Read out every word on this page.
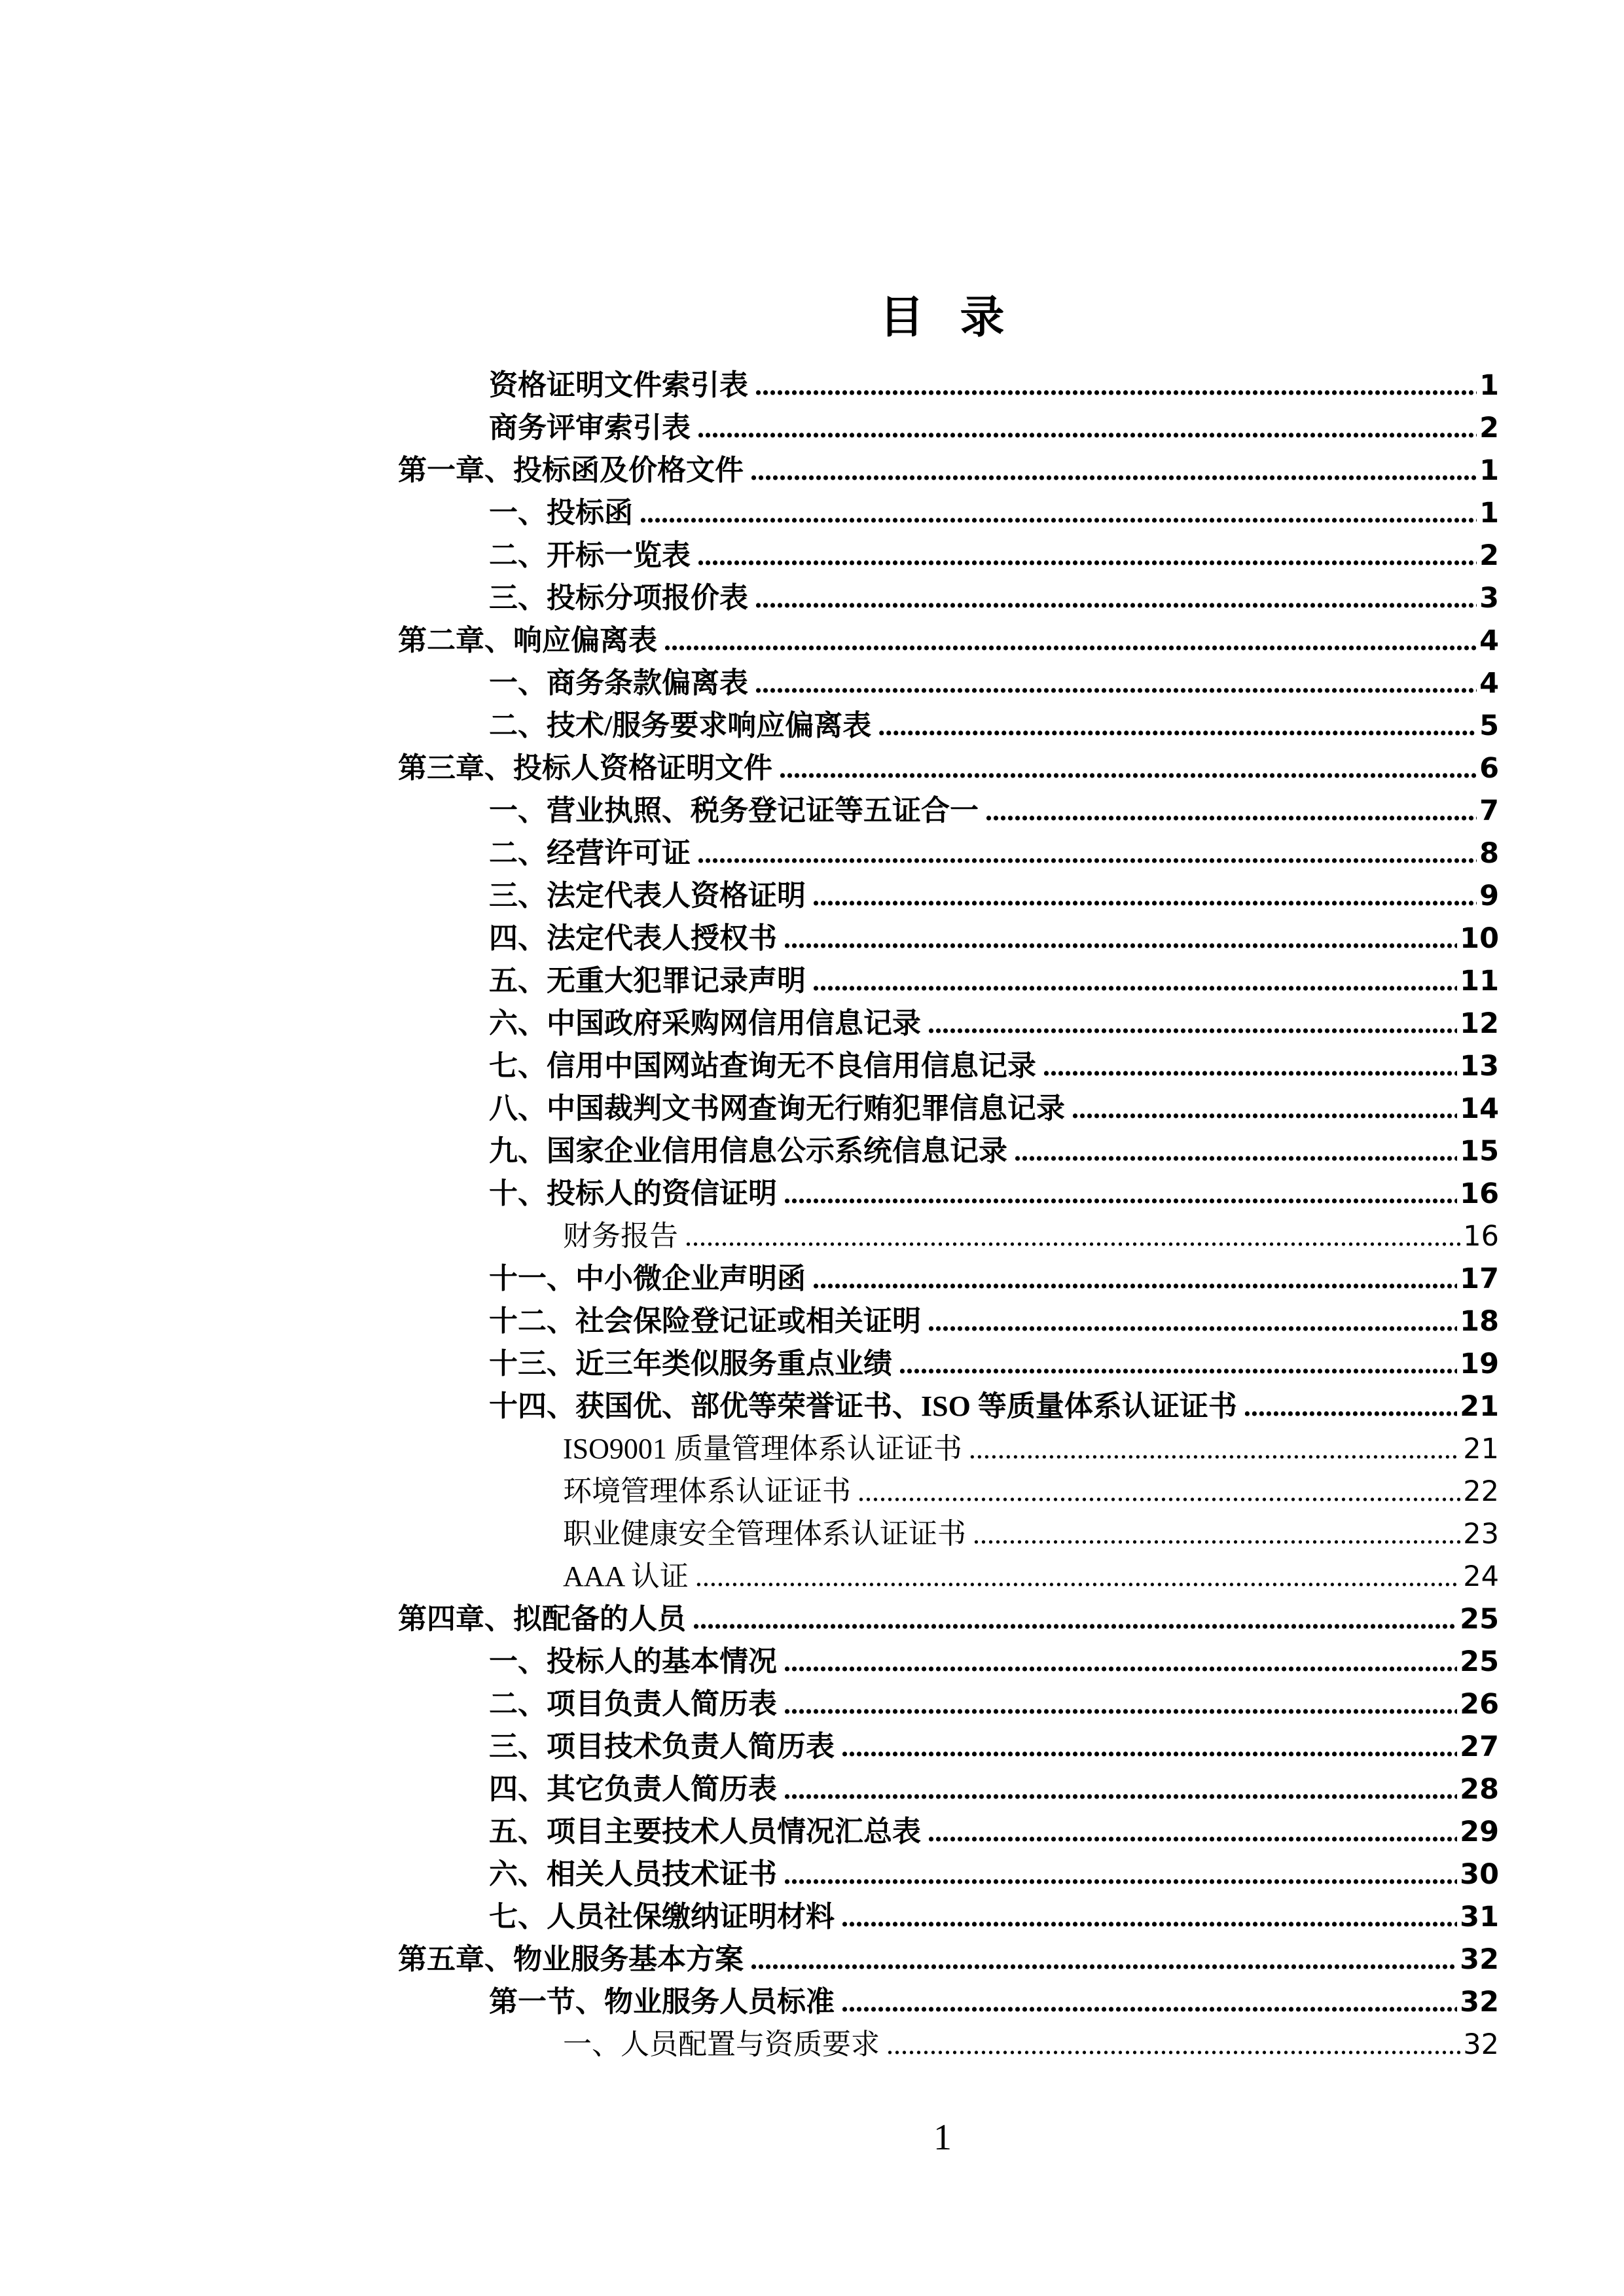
目 录
资格证明文件索引表 .....	1
商务评审索引表 .....	2
第一章、投标函及价格文件 .....	1
一、投标函 .....	1
二、开标一览表 .....	2
三、投标分项报价表 .....	3
第二章、响应偏离表 .....	4
一、商务条款偏离表 .....	4
二、技术/服务要求响应偏离表 .....	5
第三章、投标人资格证明文件 .....	6
一、营业执照、税务登记证等五证合一 .....	7
二、经营许可证 .....	8
三、法定代表人资格证明 .....	9
四、法定代表人授权书 .....	10
五、无重大犯罪记录声明 .....	11
六、中国政府采购网信用信息记录 .....	12
七、信用中国网站查询无不良信用信息记录 .....	13
八、中国裁判文书网查询无行贿犯罪信息记录 .....	14
九、国家企业信用信息公示系统信息记录 .....	15
十、投标人的资信证明 .....	16
财务报告 .....	16
十一、中小微企业声明函 .....	17
十二、社会保险登记证或相关证明 .....	18
十三、近三年类似服务重点业绩 .....	19
十四、获国优、部优等荣誉证书、ISO 等质量体系认证证书 .....	21
ISO9001 质量管理体系认证证书 .....	21
环境管理体系认证证书 .....	22
职业健康安全管理体系认证证书 .....	23
AAA 认证 .....	24
第四章、拟配备的人员 .....	25
一、投标人的基本情况 .....	25
二、项目负责人简历表 .....	26
三、项目技术负责人简历表 .....	27
四、其它负责人简历表 .....	28
五、项目主要技术人员情况汇总表 .....	29
六、相关人员技术证书 .....	30
七、人员社保缴纳证明材料 .....	31
第五章、物业服务基本方案 .....	32
第一节、物业服务人员标准 .....	32
一、人员配置与资质要求 .....	32
1
